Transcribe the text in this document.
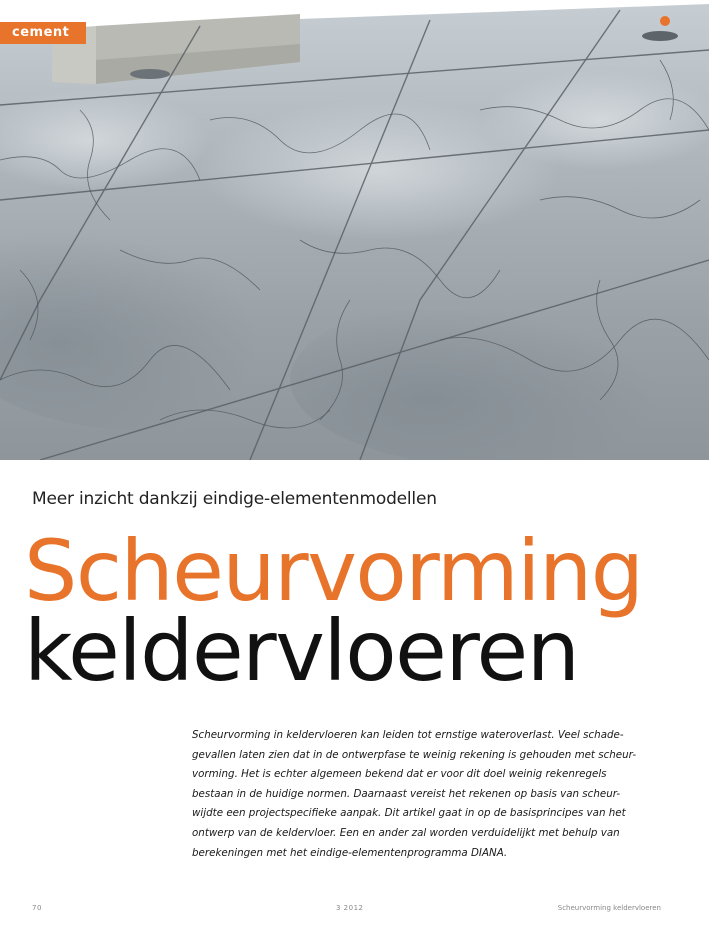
cement
Meer inzicht dankzij eindige-elementenmodellen
Scheurvorming
keldervloeren
Scheurvorming in keldervloeren kan leiden tot ernstige wateroverlast. Veel schade-
gevallen laten zien dat in de ontwerpfase te weinig rekening is gehouden met scheur-
vorming. Het is echter algemeen bekend dat er voor dit doel weinig rekenregels
bestaan in de huidige normen. Daarnaast vereist het rekenen op basis van scheur-
wijdte een projectspecifieke aanpak. Dit artikel gaat in op de basisprincipes van het
ontwerp van de keldervloer. Een en ander zal worden verduidelijkt met behulp van
berekeningen met het eindige-elementenprogramma DIANA.
70	3 2012	Scheurvorming keldervloeren
